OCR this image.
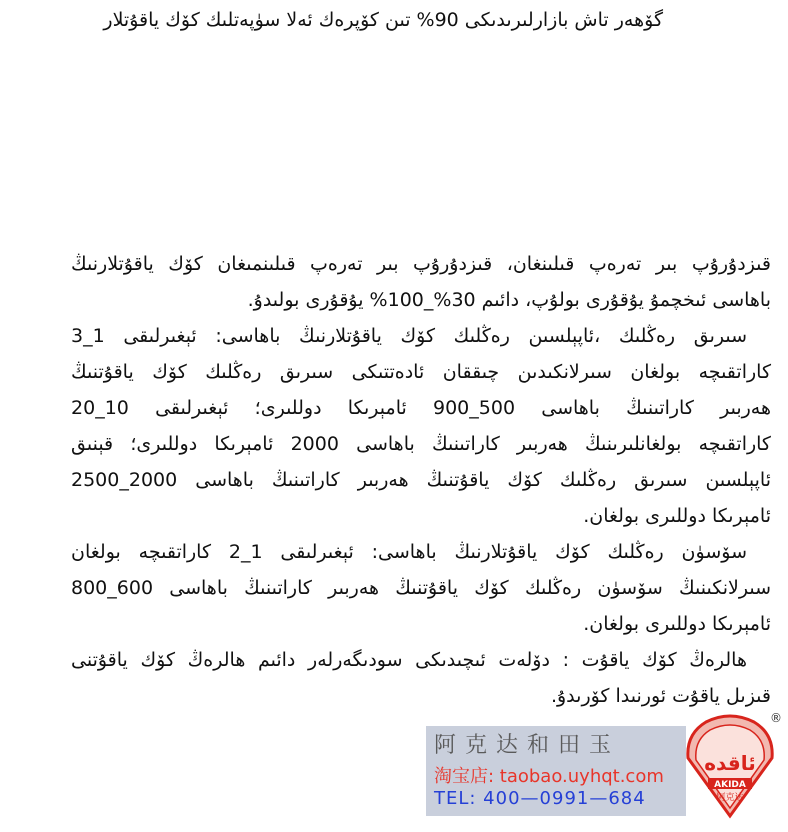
گۆھەر تاش بازارلىرىدىكى 90% تىن كۆپرەك ئەلا سۈپەتلىك كۆك ياقۇتلار
قىزدۇرۇپ بىر تەرەپ قىلىنغان، قىزدۇرۇپ بىر تەرەپ قىلىنمىغان كۆك ياقۇتلارنىڭ
باھاسى ئىخچمۇ يۇقۇرى بولۇپ، دائىم 30%_100% يۇقۇرى بولىدۇ.
سىرىق رەڭلىك ،ئاپېلسىن رەڭلىك كۆك ياقۇتلارنىڭ باھاسى: ئېغىرلىقى 1_3
كاراتقىچە بولغان سىرلانكىدىن چىققان ئادەتتىكى سىرىق رەڭلىك كۆك ياقۇتنىڭ
ھەربىر كاراتىنىڭ باھاسى 500_900 ئامېرىكا دوللىرى؛ ئېغىرلىقى 10_20
كاراتقىچە بولغانلىرىنىڭ ھەربىر كاراتىنىڭ باھاسى 2000 ئامېرىكا دوللىرى؛ قېنىق
ئاپېلسىن سىرىق رەڭلىك كۆك ياقۇتنىڭ ھەربىر كاراتىنىڭ باھاسى 2000_2500
ئامېرىكا دوللىرى بولغان.
سۆسۈن رەڭلىك كۆك ياقۇتلارنىڭ باھاسى: ئېغىرلىقى 1_2 كاراتقىچە بولغان
سىرلانكىنىڭ سۆسۈن رەڭلىك كۆك ياقۇتنىڭ ھەربىر كاراتىنىڭ باھاسى 600_800
ئامېرىكا دوللىرى بولغان.
ھالرەڭ كۆك ياقۇت : دۆلەت ئىچىدىكى سودىگەرلەر دائىم ھالرەڭ كۆك ياقۇتنى
قىزىل ياقۇت ئورنىدا كۆرىدۇ.
阿克达和田玉
淘宝店: taobao.uyhqt.com
TEL: 400—0991—684
®
ئاقدە
AKIDA
阿克达
